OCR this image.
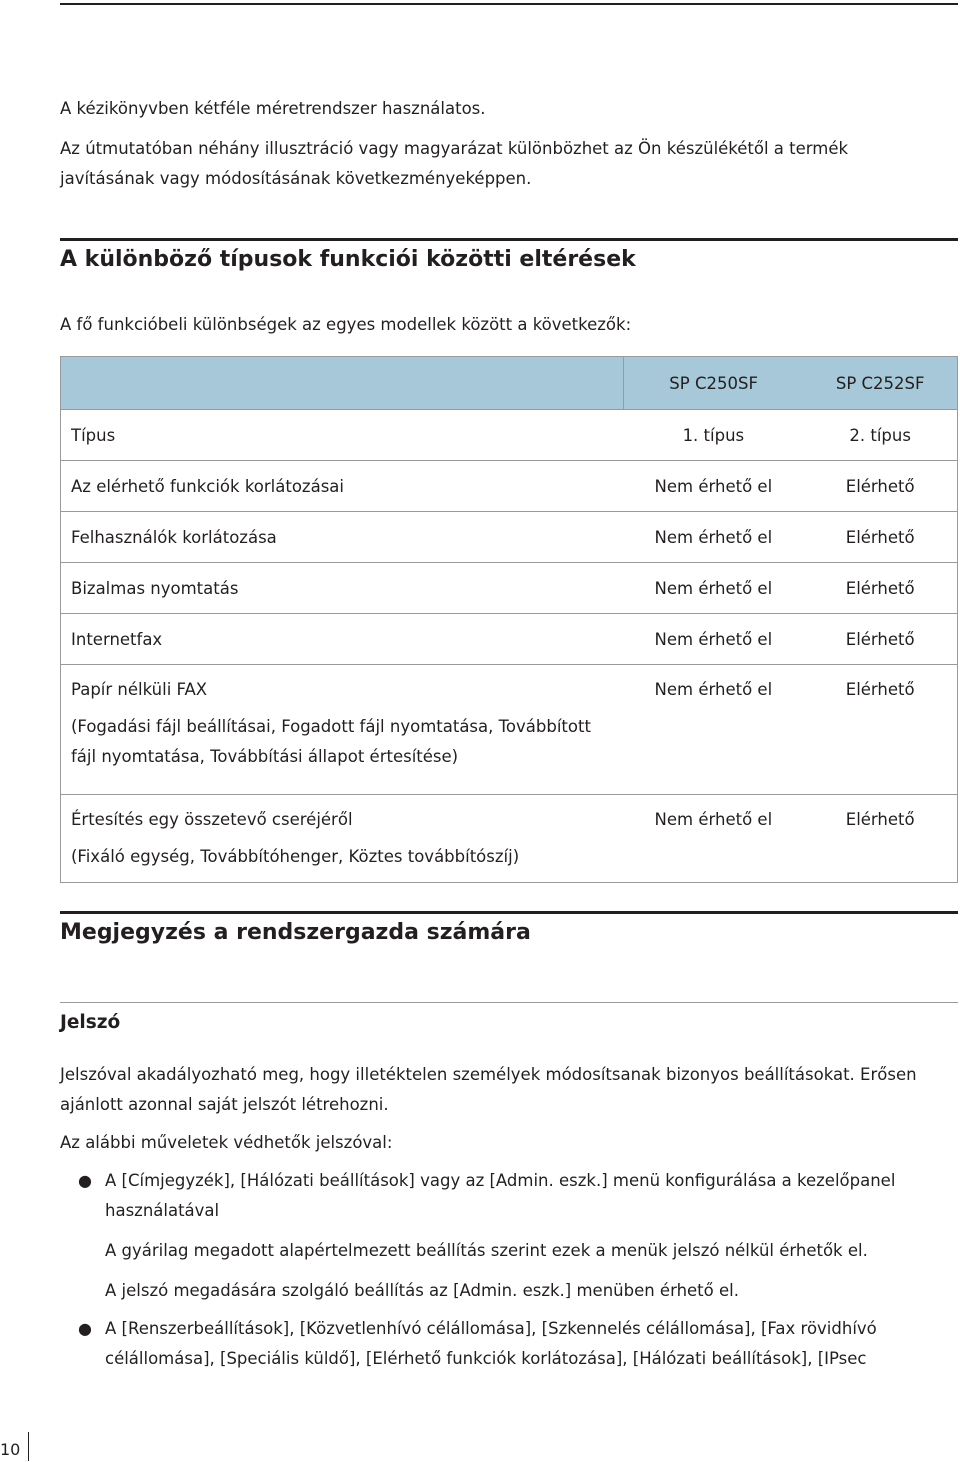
A kézikönyvben kétféle méretrendszer használatos.

Az útmutatóban néhány illusztráció vagy magyarázat különbözhet az Ön készülékétől a termék javításának vagy módosításának következményeképpen.

A különböző típusok funkciói közötti eltérések

A fő funkcióbeli különbségek az egyes modellek között a következők:

	SP C250SF	SP C252SF
Típus	1. típus	2. típus
Az elérhető funkciók korlátozásai	Nem érhető el	Elérhető
Felhasználók korlátozása	Nem érhető el	Elérhető
Bizalmas nyomtatás	Nem érhető el	Elérhető
Internetfax	Nem érhető el	Elérhető

Papír nélküli FAX
(Fogadási fájl beállításai, Fogadott fájl nyomtatása, Továbbított fájl nyomtatása, Továbbítási állapot értesítése)	Nem érhető el	Elérhető

Értesítés egy összetevő cseréjéről
(Fixáló egység, Továbbítóhenger, Köztes továbbítószíj)	Nem érhető el	Elérhető
Megjegyzés a rendszergazda számára
Jelszó

Jelszóval akadályozható meg, hogy illetéktelen személyek módosítsanak bizonyos beállításokat. Erősen ajánlott azonnal saját jelszót létrehozni.

Az alábbi műveletek védhetők jelszóval:

● A [Címjegyzék], [Hálózati beállítások] vagy az [Admin. eszk.] menü konfigurálása a kezelőpanel használatával

A gyárilag megadott alapértelmezett beállítás szerint ezek a menük jelszó nélkül érhetők el.

A jelszó megadására szolgáló beállítás az [Admin. eszk.] menüben érhető el.

● A [Renszerbeállítások], [Közvetlenhívó célállomása], [Szkennelés célállomása], [Fax rövidhívó célállomása], [Speciális küldő], [Elérhető funkciók korlátozása], [Hálózati beállítások], [IPsec

10
